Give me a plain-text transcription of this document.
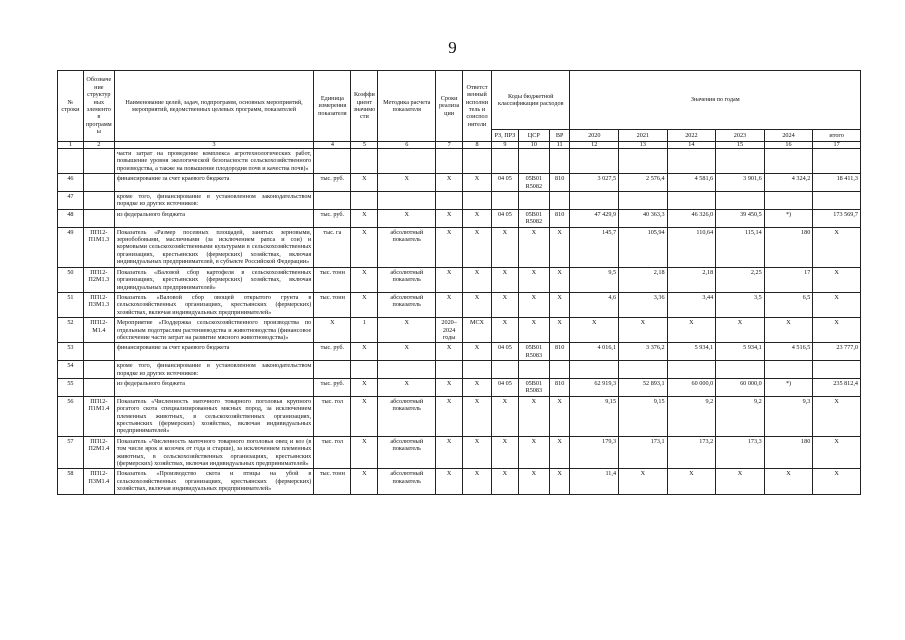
9
№ строки	Обозначение структурных элементов программы	Наименование целей, задач, подпрограмм, основных мероприятий, мероприятий, ведомственных целевых программ, показателей	Единица измерения показателя	Коэффициент значимости	Методика расчета показателя	Сроки реализации	Ответственный исполнитель и соисполнители	Коды бюджетной классификации расходов			Значения по годам					
								РЗ, ПРЗ	ЦСР	ВР	2020	2021	2022	2023	2024	итого
1	2	3	4	5	6	7	8	9	10	11	12	13	14	15	16	17
		части затрат на проведение комплекса агротехнологических работ, повышение уровня экологической безопасности сельскохозяйственного производства, а также на повышение плодородия почв и качества почв)»														
46		финансирование за счет краевого бюджета	тыс. руб.	X	X	X	X	04 05	05В01 R5082	810	3 027,5	2 576,4	4 581,6	3 901,6	4 324,2	18 411,3
47		кроме того, финансирование в установленном законодательством порядке из других источников:														
48		из федерального бюджета	тыс. руб.	X	X	X	X	04 05	05В01 R5082	810	47 429,9	40 363,3	46 326,0	39 450,5	*)	173 569,7
49	ПП12-П1М1.3	Показатель «Размер посевных площадей, занятых зерновыми, зернобобовыми, масличными (за исключением рапса и сои) и кормовыми сельскохозяйственными культурами в сельскохозяйственных организациях, крестьянских (фермерских) хозяйствах, включая индивидуальных предпринимателей, в субъекте Российской Федерации»	тыс. га	X	абсолютный показатель	X	X	X	X	X	145,7	105,94	110,64	115,14	180	X
50	ПП12-П2М1.3	Показатель «Валовой сбор картофеля в сельскохозяйственных организациях, крестьянских (фермерских) хозяйствах, включая индивидуальных предпринимателей»	тыс. тонн	X	абсолютный показатель	X	X	X	X	X	9,5	2,18	2,18	2,25	17	X
51	ПП12-П3М1.3	Показатель «Валовой сбор овощей открытого грунта в сельскохозяйственных организациях, крестьянских (фермерских) хозяйствах, включая индивидуальных предпринимателей»	тыс. тонн	X	абсолютный показатель	X	X	X	X	X	4,6	3,36	3,44	3,5	6,5	X
52	ПП12-М1.4	Мероприятие «Поддержка сельскохозяйственного производства по отдельным подотраслям растениеводства и животноводства (финансовое обеспечение части затрат на развитие мясного животноводства)»	X	1	X	2020–2024 годы	МСХ	X	X	X	X	X	X	X	X	X
53		финансирование за счет краевого бюджета	тыс. руб.	X	X	X	X	04 05	05В01 R5083	810	4 016,1	3 376,2	5 934,1	5 934,1	4 516,5	23 777,0
54		кроме того, финансирование в установленном законодательством порядке из других источников:														
55		из федерального бюджета	тыс. руб.	X	X	X	X	04 05	05В01 R5083	810	62 919,3	52 893,1	60 000,0	60 000,0	*)	235 812,4
56	ПП12-П1М1.4	Показатель «Численность маточного товарного поголовья крупного рогатого скота специализированных мясных пород, за исключением племенных животных, в сельскохозяйственных организациях, крестьянских (фермерских) хозяйствах, включая индивидуальных предпринимателей»	тыс. гол	X	абсолютный показатель	X	X	X	X	X	9,15	9,15	9,2	9,2	9,3	X
57	ПП12-П2М1.4	Показатель «Численность маточного товарного поголовья овец и коз (в том числе ярок и козочек от года и старше), за исключением племенных животных, в сельскохозяйственных организациях, крестьянских (фермерских) хозяйствах, включая индивидуальных предпринимателей»	тыс. гол	X	абсолютный показатель	X	X	X	X	X	179,3	173,1	173,2	173,3	180	X
58	ПП12-П3М1.4	Показатель «Производство скота и птицы на убой в сельскохозяйственных организациях, крестьянских (фермерских) хозяйствах, включая индивидуальных предпринимателей»	тыс. тонн	X	абсолютный показатель	X	X	X	X	X	11,4	X	X	X	X	X
